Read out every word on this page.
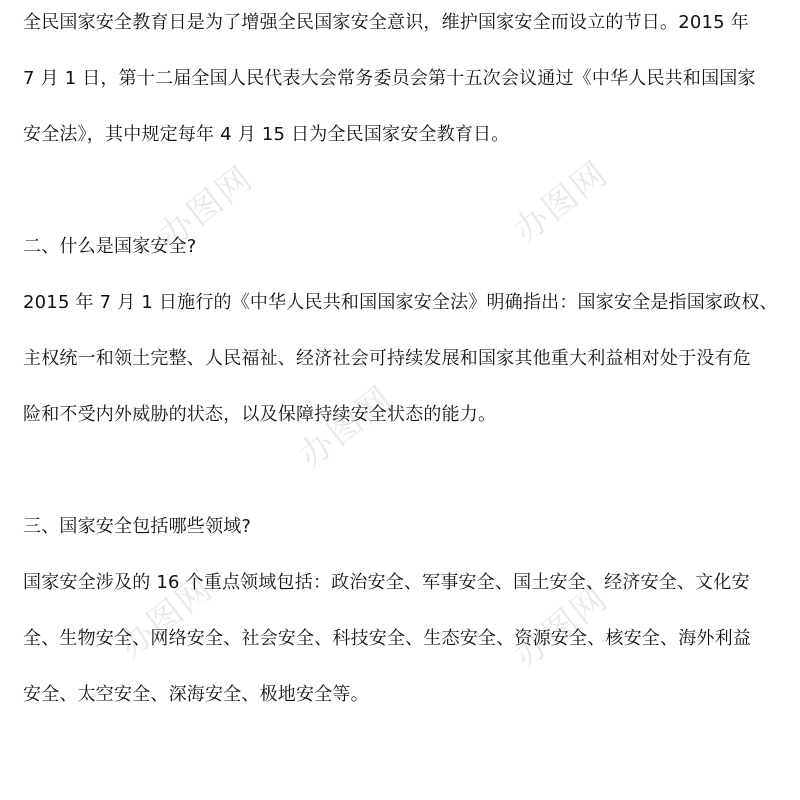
办图网	办图网
办图网
办图网	办图网
全民国家安全教育日是为了增强全民国家安全意识，维护国家安全而设立的节日。2015 年
7 月 1 日，第十二届全国人民代表大会常务委员会第十五次会议通过《中华人民共和国国家
安全法》，其中规定每年 4 月 15 日为全民国家安全教育日。
二、什么是国家安全?
2015 年 7 月 1 日施行的《中华人民共和国国家安全法》明确指出：国家安全是指国家政权、
主权统一和领土完整、人民福祉、经济社会可持续发展和国家其他重大利益相对处于没有危
险和不受内外威胁的状态，以及保障持续安全状态的能力。
三、国家安全包括哪些领域?
国家安全涉及的 16 个重点领域包括：政治安全、军事安全、国土安全、经济安全、文化安
全、生物安全、网络安全、社会安全、科技安全、生态安全、资源安全、核安全、海外利益
安全、太空安全、深海安全、极地安全等。
